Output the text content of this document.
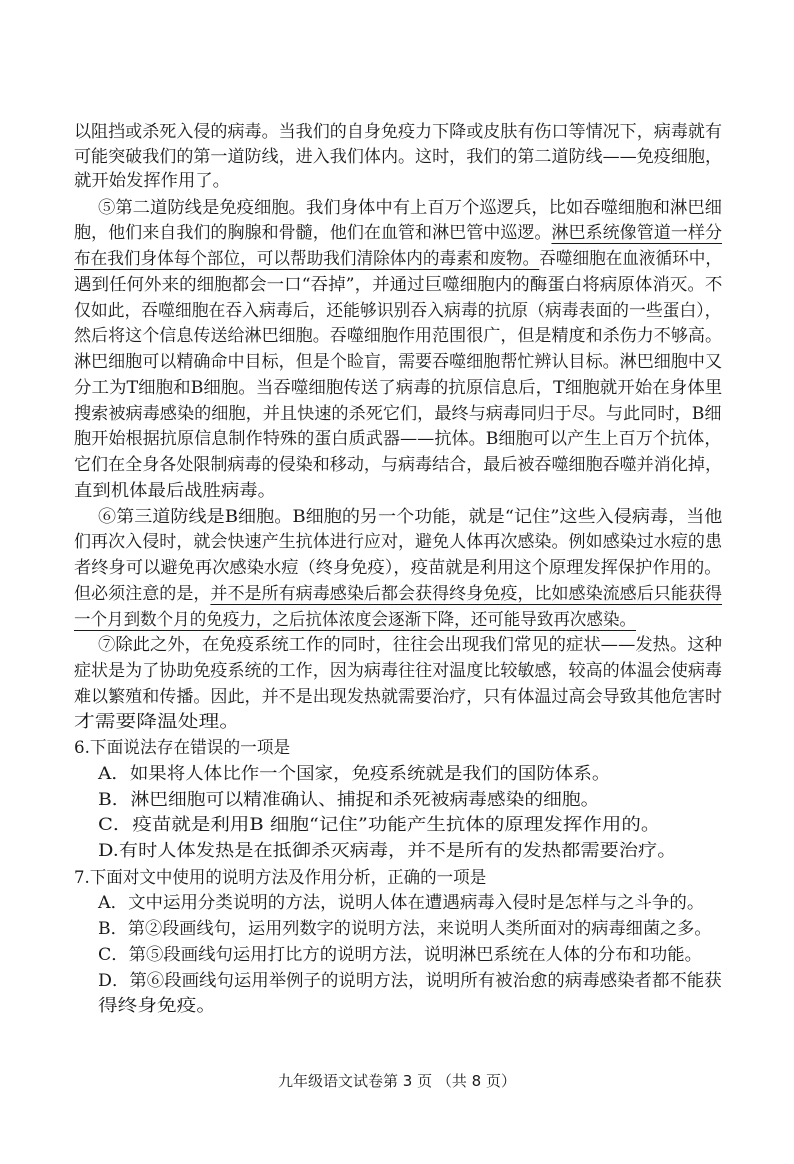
以阻挡或杀死入侵的病毒。当我们的自身免疫力下降或皮肤有伤口等情况下，病毒就有
可能突破我们的第一道防线，进入我们体内。这时，我们的第二道防线——免疫细胞，
就开始发挥作用了。
⑤第二道防线是免疫细胞。我们身体中有上百万个巡逻兵，比如吞噬细胞和淋巴细
胞，他们来自我们的胸腺和骨髓，他们在血管和淋巴管中巡逻。淋巴系统像管道一样分
布在我们身体每个部位，可以帮助我们清除体内的毒素和废物。吞噬细胞在血液循环中，
遇到任何外来的细胞都会一口“吞掉”，并通过巨噬细胞内的酶蛋白将病原体消灭。不
仅如此，吞噬细胞在吞入病毒后，还能够识别吞入病毒的抗原（病毒表面的一些蛋白），
然后将这个信息传送给淋巴细胞。吞噬细胞作用范围很广，但是精度和杀伤力不够高。
淋巴细胞可以精确命中目标，但是个睑盲，需要吞噬细胞帮忙辨认目标。淋巴细胞中又
分工为T细胞和B细胞。当吞噬细胞传送了病毒的抗原信息后，T细胞就开始在身体里
搜索被病毒感染的细胞，并且快速的杀死它们，最终与病毒同归于尽。与此同时，B细
胞开始根据抗原信息制作特殊的蛋白质武器——抗体。B细胞可以产生上百万个抗体，
它们在全身各处限制病毒的侵染和移动，与病毒结合，最后被吞噬细胞吞噬并消化掉，
直到机体最后战胜病毒。
⑥第三道防线是B细胞。B细胞的另一个功能，就是“记住”这些入侵病毒，当他
们再次入侵时，就会快速产生抗体进行应对，避免人体再次感染。例如感染过水痘的患
者终身可以避免再次感染水痘（终身免疫），疫苗就是利用这个原理发挥保护作用的。
但必须注意的是，并不是所有病毒感染后都会获得终身免疫，比如感染流感后只能获得
一个月到数个月的免疫力，之后抗体浓度会逐渐下降，还可能导致再次感染。
⑦除此之外，在免疫系统工作的同时，往往会出现我们常见的症状——发热。这种
症状是为了协助免疫系统的工作，因为病毒往往对温度比较敏感，较高的体温会使病毒
难以繁殖和传播。因此，并不是出现发热就需要治疗，只有体温过高会导致其他危害时
才需要降温处理。
6.下面说法存在错误的一项是
A．如果将人体比作一个国家，免疫系统就是我们的国防体系。
B．淋巴细胞可以精准确认、捕捉和杀死被病毒感染的细胞。
C．疫苗就是利用B 细胞“记住”功能产生抗体的原理发挥作用的。
D.有时人体发热是在抵御杀灭病毒，并不是所有的发热都需要治疗。
7.下面对文中使用的说明方法及作用分析，正确的一项是
A．文中运用分类说明的方法，说明人体在遭遇病毒入侵时是怎样与之斗争的。
B．第②段画线句，运用列数字的说明方法，来说明人类所面对的病毒细菌之多。
C．第⑤段画线句运用打比方的说明方法，说明淋巴系统在人体的分布和功能。
D．第⑥段画线句运用举例子的说明方法，说明所有被治愈的病毒感染者都不能获
得终身免疫。
九年级语文试卷第 3 页 （共 8 页）
